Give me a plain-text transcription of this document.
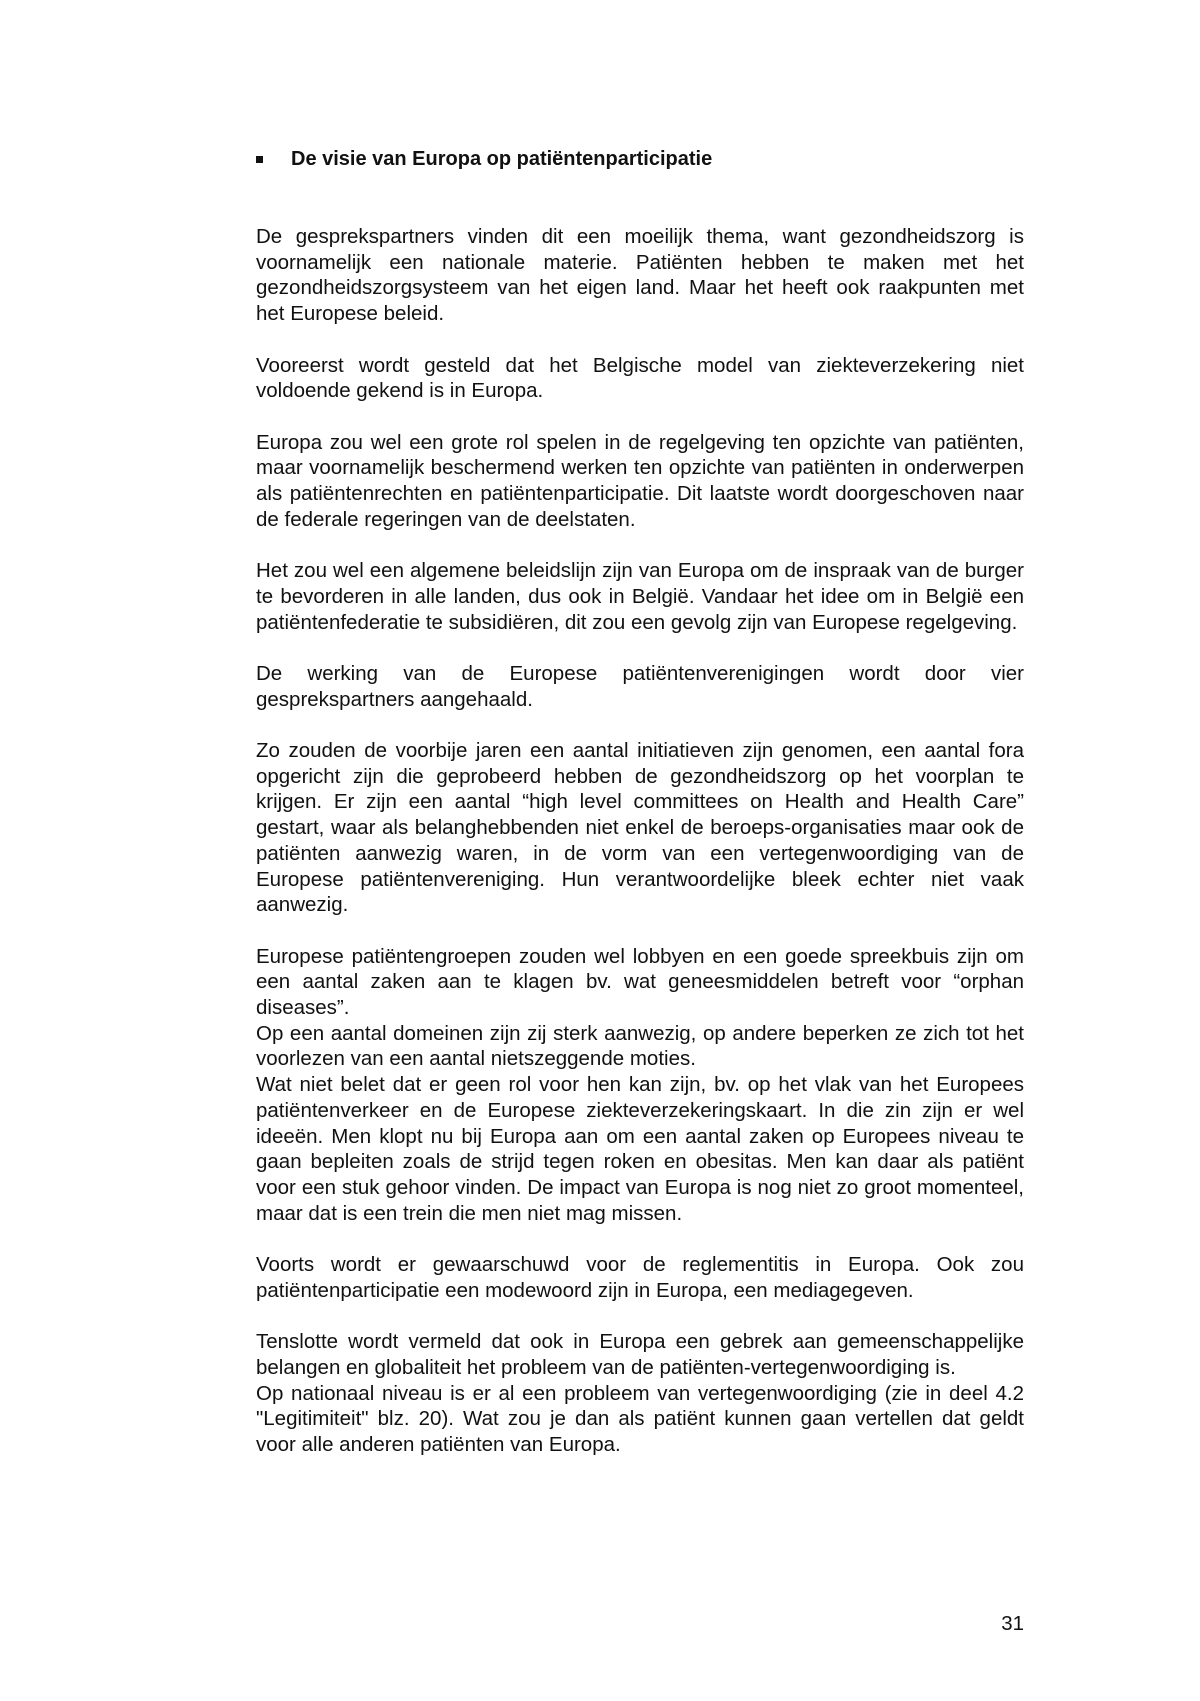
De visie van Europa op patiëntenparticipatie

De gesprekspartners vinden dit een moeilijk thema, want gezondheidszorg is voornamelijk een nationale materie. Patiënten hebben te maken met het gezondheidszorgsysteem van het eigen land. Maar het heeft ook raakpunten met het Europese beleid.

Vooreerst wordt gesteld dat het Belgische model van ziekteverzekering niet voldoende gekend is in Europa.

Europa zou wel een grote rol spelen in de regelgeving ten opzichte van patiënten, maar voornamelijk beschermend werken ten opzichte van patiënten in onderwerpen als patiëntenrechten en patiëntenparticipatie. Dit laatste wordt doorgeschoven naar de federale regeringen van de deelstaten.

Het zou wel een algemene beleidslijn zijn van Europa om de inspraak van de burger te bevorderen in alle landen, dus ook in België. Vandaar het idee om in België een patiëntenfederatie te subsidiëren, dit zou een gevolg zijn van Europese regelgeving.

De werking van de Europese patiëntenverenigingen wordt door vier gesprekspartners aangehaald.

Zo zouden de voorbije jaren een aantal initiatieven zijn genomen, een aantal fora opgericht zijn die geprobeerd hebben de gezondheidszorg op het voorplan te krijgen. Er zijn een aantal “high level committees on Health and Health Care” gestart, waar als belanghebbenden niet enkel de beroeps-organisaties maar ook de patiënten aanwezig waren, in de vorm van een vertegenwoordiging van de Europese patiëntenvereniging. Hun verantwoordelijke bleek echter niet vaak aanwezig.

Europese patiëntengroepen zouden wel lobbyen en een goede spreekbuis zijn om een aantal zaken aan te klagen bv. wat geneesmiddelen betreft voor “orphan diseases”.

Op een aantal domeinen zijn zij sterk aanwezig, op andere beperken ze zich tot het voorlezen van een aantal nietszeggende moties.

Wat niet belet dat er geen rol voor hen kan zijn, bv. op het vlak van het Europees patiëntenverkeer en de Europese ziekteverzekeringskaart. In die zin zijn er wel ideeën. Men klopt nu bij Europa aan om een aantal zaken op Europees niveau te gaan bepleiten zoals de strijd tegen roken en obesitas. Men kan daar als patiënt voor een stuk gehoor vinden. De impact van Europa is nog niet zo groot momenteel, maar dat is een trein die men niet mag missen.

Voorts wordt er gewaarschuwd voor de reglementitis in Europa. Ook zou patiëntenparticipatie een modewoord zijn in Europa, een mediagegeven.

Tenslotte wordt vermeld dat ook in Europa een gebrek aan gemeenschappelijke belangen en globaliteit het probleem van de patiënten-vertegenwoordiging is.

Op nationaal niveau is er al een probleem van vertegenwoordiging (zie in deel 4.2 "Legitimiteit" blz. 20). Wat zou je dan als patiënt kunnen gaan vertellen dat geldt voor alle anderen patiënten van Europa.

31
